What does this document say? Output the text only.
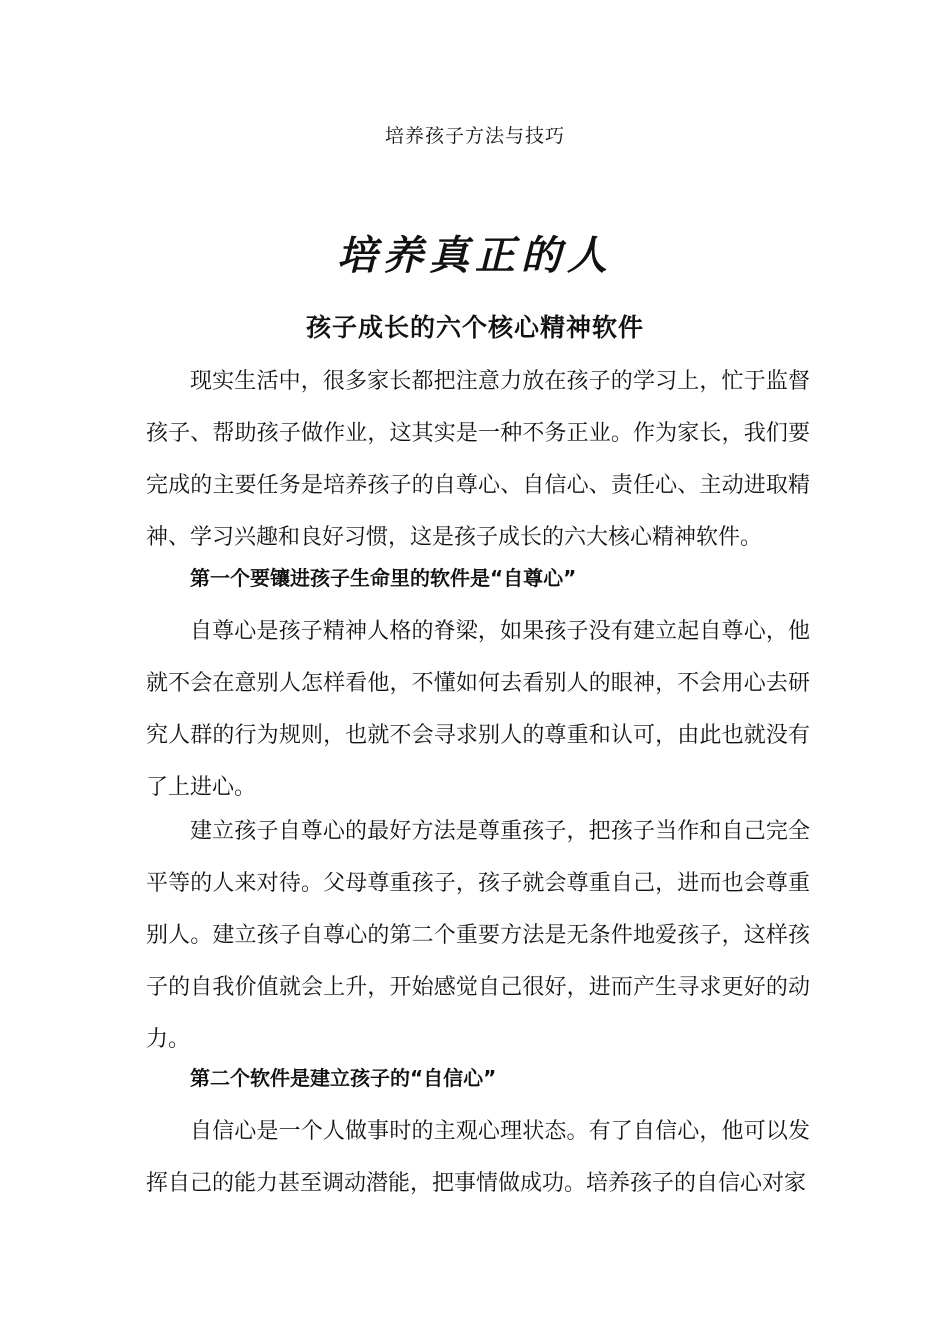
培养孩子方法与技巧
培养真正的人
孩子成长的六个核心精神软件

现实生活中，很多家长都把注意力放在孩子的学习上，忙于监督孩子、帮助孩子做作业，这其实是一种不务正业。作为家长，我们要完成的主要任务是培养孩子的自尊心、自信心、责任心、主动进取精神、学习兴趣和良好习惯，这是孩子成长的六大核心精神软件。

第一个要镶进孩子生命里的软件是“自尊心”

自尊心是孩子精神人格的脊梁，如果孩子没有建立起自尊心，他就不会在意别人怎样看他，不懂如何去看别人的眼神，不会用心去研究人群的行为规则，也就不会寻求别人的尊重和认可，由此也就没有了上进心。

建立孩子自尊心的最好方法是尊重孩子，把孩子当作和自己完全平等的人来对待。父母尊重孩子，孩子就会尊重自己，进而也会尊重别人。建立孩子自尊心的第二个重要方法是无条件地爱孩子，这样孩子的自我价值就会上升，开始感觉自己很好，进而产生寻求更好的动力。

第二个软件是建立孩子的“自信心”

自信心是一个人做事时的主观心理状态。有了自信心，他可以发挥自己的能力甚至调动潜能，把事情做成功。培养孩子的自信心对家
